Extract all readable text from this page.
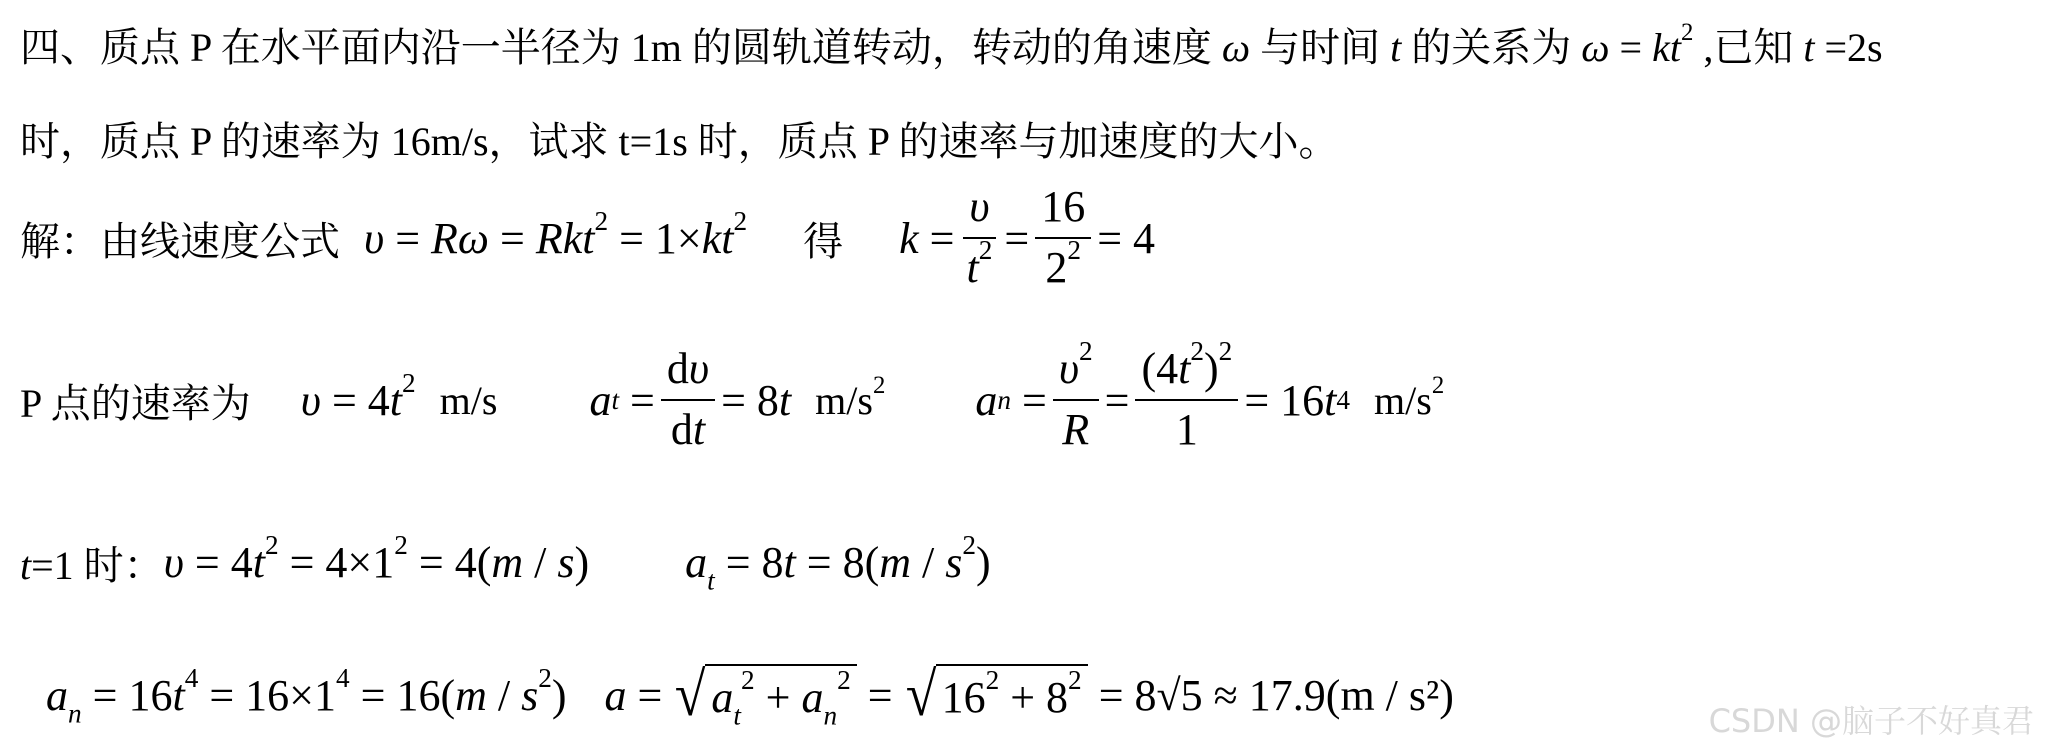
四、质点 P 在水平面内沿一半径为 1m 的圆轨道转动，转动的角速度 ω 与时间 t 的关系为 $\omega = kt^2$ ,已知 t =2s
时，质点 P 的速率为 16m/s，试求 t=1s 时，质点 P 的速率与加速度的大小。
解： 由线速度公式 $\upsilon = R\omega = Rkt^2 = 1\times kt^2$ 得 $k = \frac{\upsilon}{t^2} = \frac{16}{2^2} = 4$
P 点的速率为 $\upsilon = 4t^2$ m/s a $t = \frac{d\upsilon}{dt} = 8$ t $m/s^2$ a $n = \frac{\upsilon^2}{R} = \frac{(4t^2)^2}{1} = 16$ t 4 $m/s^2$
t=1 时： $\upsilon = 4t^2 = 4\times 1^2 = 4(m / s) a_t = 8t = 8(m / s^2)$
$a_n = 16t^4 = 16\times 1^4 = 16(m / s^2) a$ = √ $a_t^2 + a_n^2$ = √ $16^2 + 8^2$
= 8√5 ≈ 17.9(m / s²)
CSDN @脑子不好真君
